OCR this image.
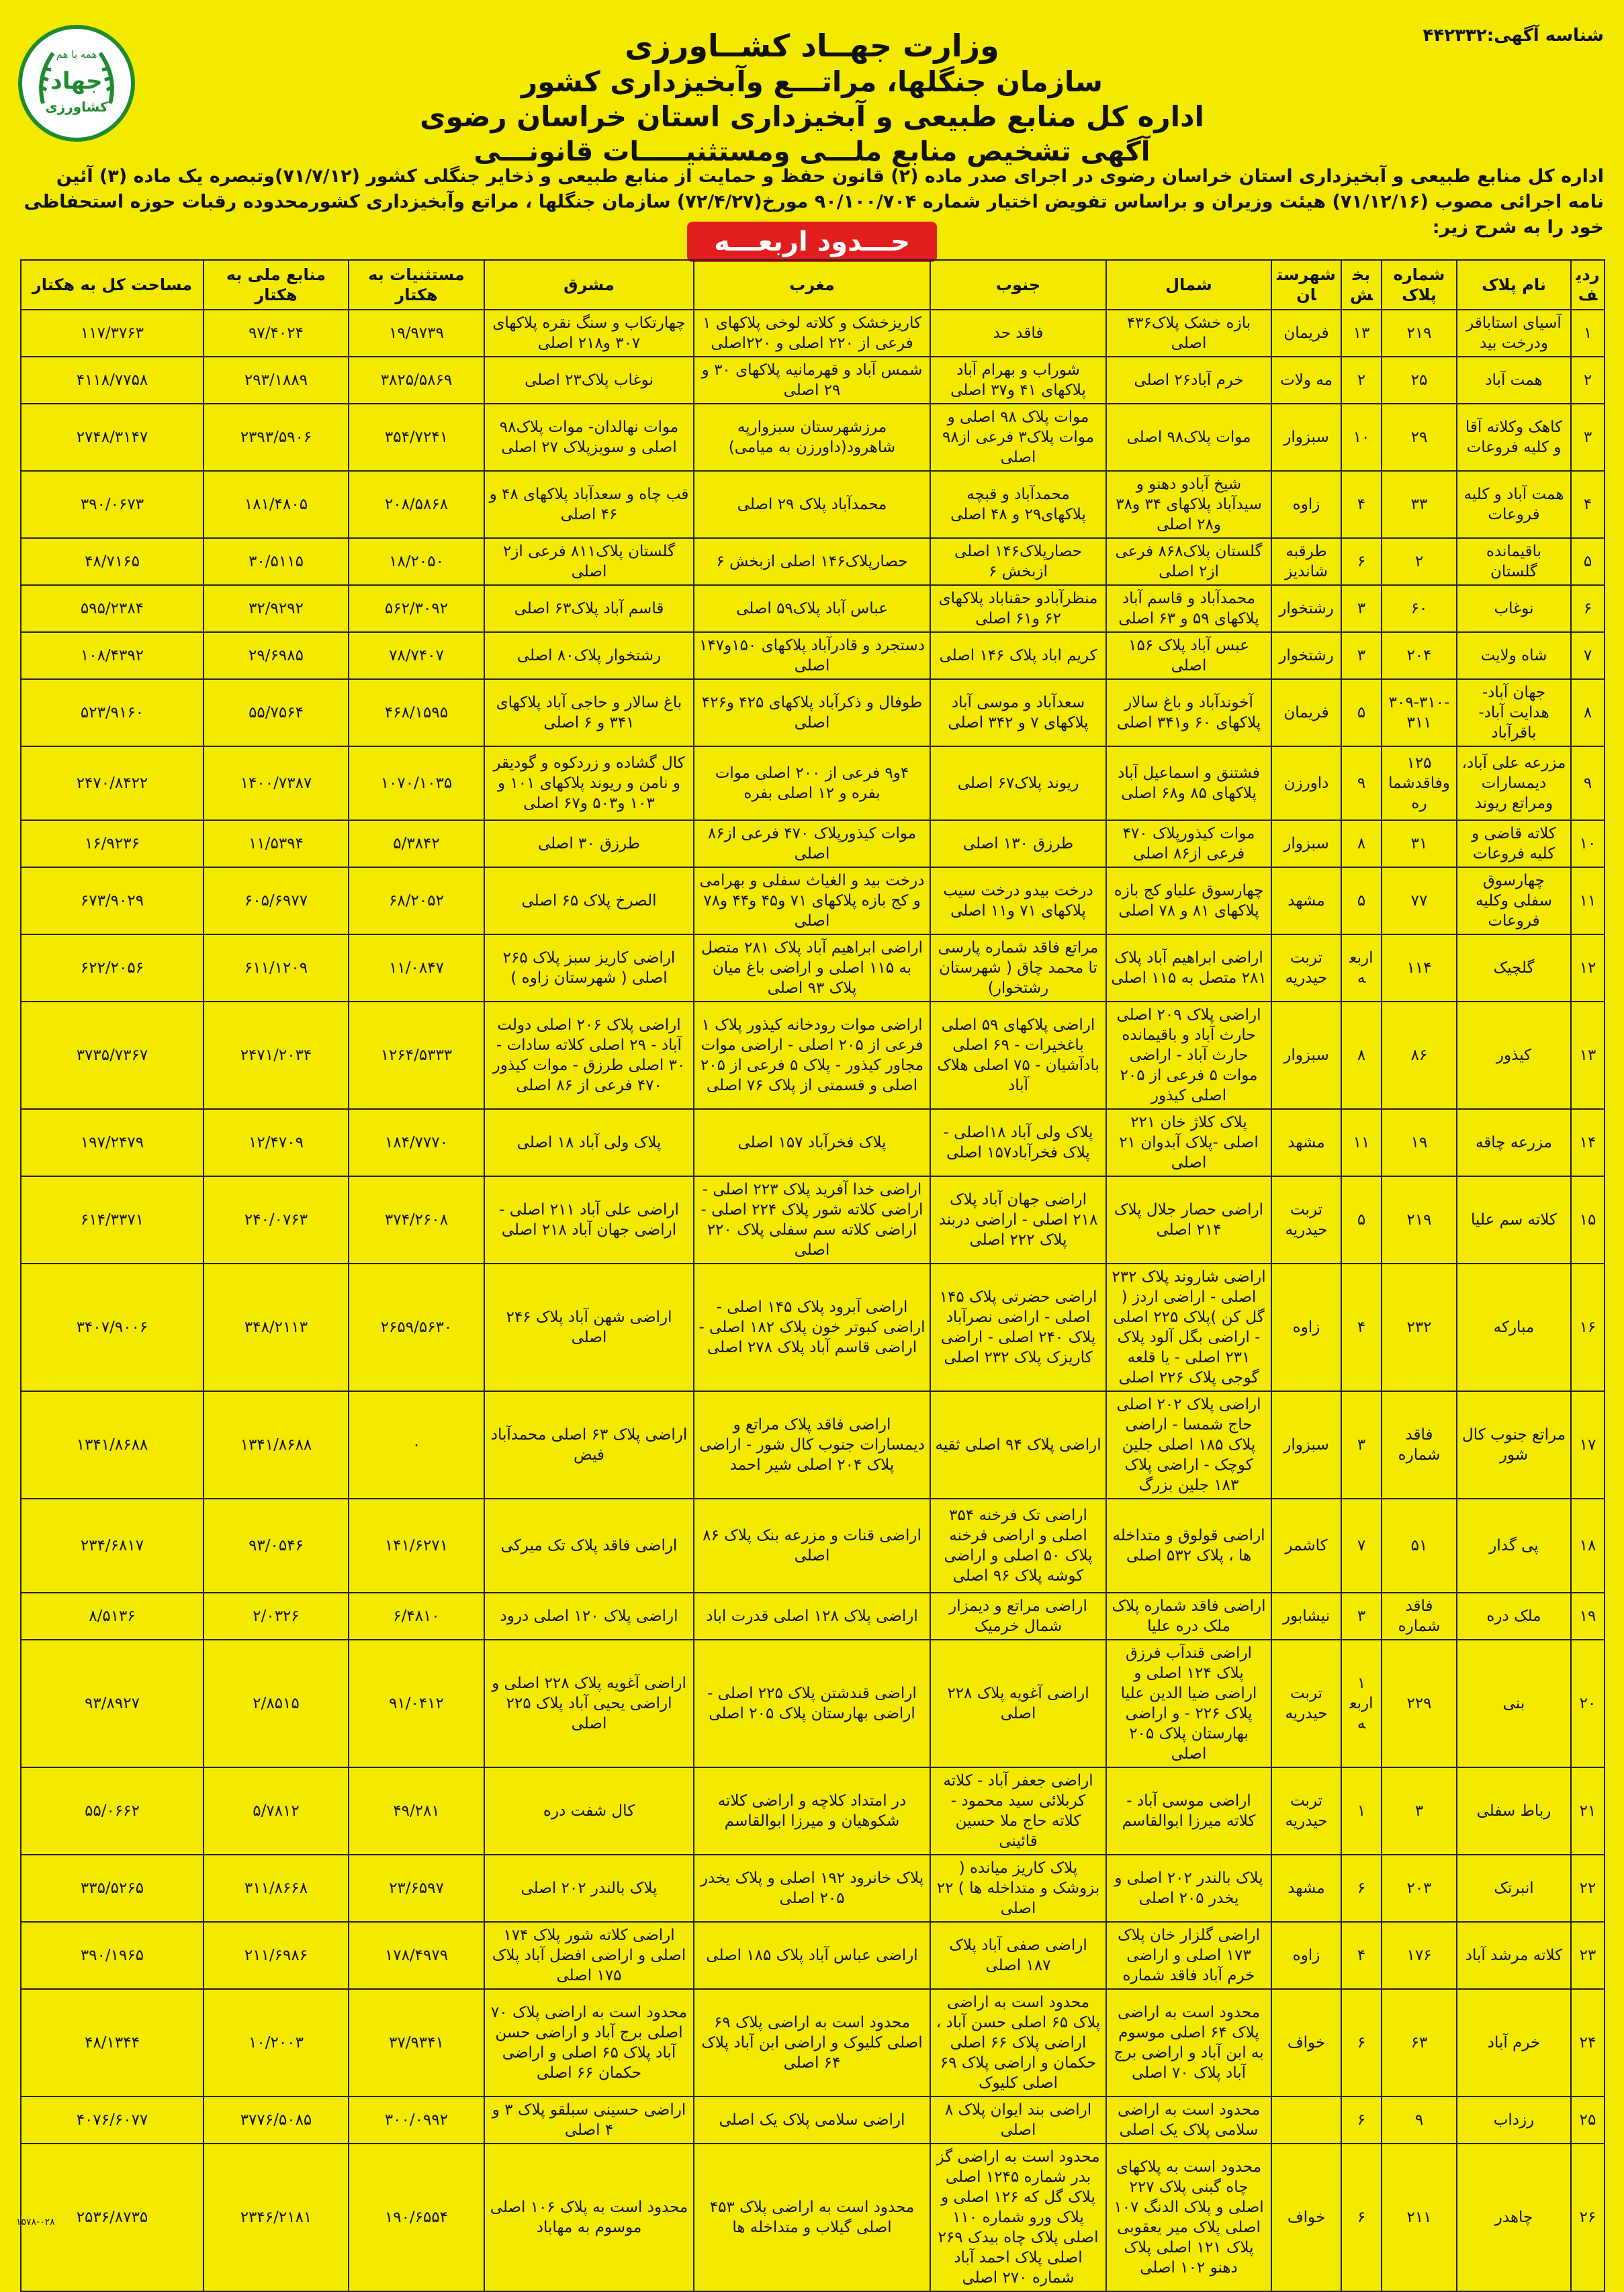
شناسه آگهی:۴۴۲۳۳۲
همه با هم
جهاد
کشاورزی
وزارت جهــاد کشــاورزی
سازمان جنگلها، مراتـــع وآبخیزداری کشور
اداره کل منابع طبیعی و آبخیزداری استان خراسان رضوی
آگهی تشخیص منابع ملـــی ومستثنیـــــات قانونـــی
اداره کل منابع طبیعی و آبخیزداری استان خراسان رضوی در اجرای صدر ماده (۲) قانون حفظ و حمایت از منابع طبیعی و ذخایر جنگلی کشور (۷۱/۷/۱۲)وتبصره یک ماده (۳) آئین نامه اجرائی مصوب (۷۱/۱۲/۱۶) هیئت وزیران و براساس تفویض اختیار شماره ۹۰/۱۰۰/۷۰۴ مورخ(۷۲/۴/۲۷) سازمان جنگلها ، مراتع وآبخیزداری کشورمحدوده رقبات حوزه استحفاظی خود را به شرح زیر:
حـــدود اربعـــه
ردیف	نام پلاک	شماره پلاک	بخش	شهرستان	شمال	جنوب	مغرب	مشرق	مستثنیات به هکتار	منابع ملی به هکتار	مساحت کل به هکتار
۱	آسیای استاباقر ودرخت بید	۲۱۹	۱۳	فریمان	بازه خشک پلاک۴۳۶ اصلی	فاقد حد	کاریزخشک و کلاته لوخی پلاکهای ۱ فرعی از ۲۲۰ اصلی و ۲۲۰اصلی	چهارتکاب و سنگ نقره پلاکهای ۳۰۷ و۲۱۸ اصلی	۱۹/۹۷۳۹	۹۷/۴۰۲۴	۱۱۷/۳۷۶۳
۲	همت آباد	۲۵	۲	مه ولات	خرم آباد۲۶ اصلی	شوراب و بهرام آباد پلاکهای ۴۱ و۳۷ اصلی	شمس آباد و قهرمانیه پلاکهای ۳۰ و ۲۹ اصلی	نوغاب پلاک۲۳ اصلی	۳۸۲۵/۵۸۶۹	۲۹۳/۱۸۸۹	۴۱۱۸/۷۷۵۸
۳	کاهک وکلاته آقا و کلیه فروعات	۲۹	۱۰	سبزوار	موات پلاک۹۸ اصلی	موات پلاک ۹۸ اصلی و موات پلاک۳ فرعی از۹۸ اصلی	مرزشهرستان سبزوارپه شاهرود(داورزن به میامی)	موات نهالدان- موات پلاک۹۸ اصلی و سویزپلاک ۲۷ اصلی	۳۵۴/۷۲۴۱	۲۳۹۳/۵۹۰۶	۲۷۴۸/۳۱۴۷
۴	همت آباد و کلیه فروعات	۳۳	۴	زاوه	شیخ آبادو دهنو و سیدآباد پلاکهای ۳۴ و۳۸ و۲۸ اصلی	محمدآباد و قبچه پلاکهای۲۹ و ۴۸ اصلی	محمدآباد پلاک ۲۹ اصلی	قب چاه و سعدآباد پلاکهای ۴۸ و ۴۶ اصلی	۲۰۸/۵۸۶۸	۱۸۱/۴۸۰۵	۳۹۰/۰۶۷۳
۵	باقیمانده گلستان	۲	۶	طرقبه شاندیز	گلستان پلاک۸۶۸ فرعی از۲ اصلی	حصارپلاک۱۴۶ اصلی ازبخش ۶	حصارپلاک۱۴۶ اصلی ازبخش ۶	گلستان پلاک۸۱۱ فرعی از۲ اصلی	۱۸/۲۰۵۰	۳۰/۵۱۱۵	۴۸/۷۱۶۵
۶	نوغاب	۶۰	۳	رشتخوار	محمدآباد و قاسم آباد پلاکهای ۵۹ و ۶۳ اصلی	منظرآبادو حقناباد پلاکهای ۶۲ و۶۱ اصلی	عباس آباد پلاک۵۹ اصلی	قاسم آباد پلاک۶۳ اصلی	۵۶۲/۳۰۹۲	۳۲/۹۲۹۲	۵۹۵/۲۳۸۴
۷	شاه ولایت	۲۰۴	۳	رشتخوار	عبس آباد پلاک ۱۵۶ اصلی	کریم اباد پلاک ۱۴۶ اصلی	دستجرد و قادرآباد پلاکهای ۱۵۰و۱۴۷ اصلی	رشتخوار پلاک۸۰ اصلی	۷۸/۷۴۰۷	۲۹/۶۹۸۵	۱۰۸/۴۳۹۲
۸	جهان آباد- هدایت آباد- باقرآباد	۳۰۹-۳۱۰-۳۱۱	۵	فریمان	آخوندآباد و باغ سالار پلاکهای ۶۰ و۳۴۱ اصلی	سعدآباد و موسی آباد پلاکهای ۷ و ۳۴۲ اصلی	طوفال و ذکرآباد پلاکهای ۴۲۵ و۴۲۶ اصلی	باغ سالار و حاجی آباد پلاکهای ۳۴۱ و ۶ اصلی	۴۶۸/۱۵۹۵	۵۵/۷۵۶۴	۵۲۳/۹۱۶۰
۹	مزرعه علی آباد، دیمسارات ومراتع ریوند	۱۲۵ وفاقدشماره	۹	داورزن	فشتنق و اسماعیل آباد پلاکهای ۸۵ و۶۸ اصلی	ریوند پلاک۶۷ اصلی	۴و۹ فرعی از ۲۰۰ اصلی موات بفره و ۱۲ اصلی بفره	کال گشاده و زردکوه و گودیقر و نامن و ریوند پلاکهای ۱۰۱ و ۱۰۳ و۵۰۳ و۶۷ اصلی	۱۰۷۰/۱۰۳۵	۱۴۰۰/۷۳۸۷	۲۴۷۰/۸۴۲۲
۱۰	کلاته قاضی و کلیه فروعات	۳۱	۸	سبزوار	موات کیذورپلاک ۴۷۰ فرعی از۸۶ اصلی	طرزق ۱۳۰ اصلی	موات کیذورپلاک ۴۷۰ فرعی از۸۶ اصلی	طرزق ۳۰ اصلی	۵/۳۸۴۲	۱۱/۵۳۹۴	۱۶/۹۲۳۶
۱۱	چهارسوق سفلی وکلیه فروعات	۷۷	۵	مشهد	چهارسوق علیاو کج بازه پلاکهای ۸۱ و ۷۸ اصلی	درخت بیدو درخت سیب پلاکهای ۷۱ و۱۱ اصلی	درخت بید و الغیاث سفلی و بهرامی و کج بازه پلاکهای ۷۱ و۴۵ و۴۴ و۷۸ اصلی	الصرخ پلاک ۶۵ اصلی	۶۸/۲۰۵۲	۶۰۵/۶۹۷۷	۶۷۳/۹۰۲۹
۱۲	گلچیک	۱۱۴	اربعه	تربت حیدریه	اراضی ابراهیم آباد پلاک ۲۸۱ متصل به ۱۱۵ اصلی	مراتع فاقد شماره پارسی تا محمد چاق ( شهرستان رشتخوار)	اراضی ابراهیم آباد پلاک ۲۸۱ متصل به ۱۱۵ اصلی و اراضی باغ میان پلاک ۹۳ اصلی	اراضی کاریز سبز پلاک ۲۶۵ اصلی ( شهرستان زاوه )	۱۱/۰۸۴۷	۶۱۱/۱۲۰۹	۶۲۲/۲۰۵۶
۱۳	کیذور	۸۶	۸	سبزوار	اراضی پلاک ۲۰۹ اصلی حارث آباد و باقیمانده حارث آباد - اراضی موات ۵ فرعی از ۲۰۵ اصلی کیذور	اراضی پلاکهای ۵۹ اصلی باغخیرات - ۶۹ اصلی بادآشیان - ۷۵ اصلی هلاک آباد	اراضی موات رودخانه کیذور پلاک ۱ فرعی از ۲۰۵ اصلی - اراضی موات مجاور کیذور - پلاک ۵ فرعی از ۲۰۵ اصلی و قسمتی از پلاک ۷۶ اصلی	اراضی پلاک ۲۰۶ اصلی دولت آباد - ۲۹ اصلی کلاته سادات - ۳۰ اصلی طرزق - موات کیذور ۴۷۰ فرعی از ۸۶ اصلی	۱۲۶۴/۵۳۳۳	۲۴۷۱/۲۰۳۴	۳۷۳۵/۷۳۶۷
۱۴	مزرعه چاقه	۱۹	۱۱	مشهد	پلاک کلاژ خان ۲۲۱ اصلی -پلاک آبدوان ۲۱ اصلی	پلاک ولی آباد ۱۸اصلی - پلاک فخرآباد۱۵۷ اصلی	پلاک فخرآباد ۱۵۷ اصلی	پلاک ولی آباد ۱۸ اصلی	۱۸۴/۷۷۷۰	۱۲/۴۷۰۹	۱۹۷/۲۴۷۹
۱۵	کلاته سم علیا	۲۱۹	۵	تربت حیدریه	اراضی حصار جلال پلاک ۲۱۴ اصلی	اراضی جهان آباد پلاک ۲۱۸ اصلی - اراضی دربند پلاک ۲۲۲ اصلی	اراضی خدا آفرید پلاک ۲۲۳ اصلی - اراضی کلاته شور پلاک ۲۲۴ اصلی - اراضی کلاته سم سفلی پلاک ۲۲۰ اصلی	اراضی علی آباد ۲۱۱ اصلی - اراضی جهان آباد ۲۱۸ اصلی	۳۷۴/۲۶۰۸	۲۴۰/۰۷۶۳	۶۱۴/۳۳۷۱
۱۶	مبارکه	۲۳۲	۴	زاوه	اراضی شاروند پلاک ۲۳۲ اصلی - اراضی اردز ( گل کن )پلاک ۲۲۵ اصلی - اراضی بگل آلود پلاک ۲۳۱ اصلی - یا قلعه گوجی پلاک ۲۲۶ اصلی	اراضی حضرتی پلاک ۱۴۵ اصلی - اراضی نصرآباد پلاک ۲۴۰ اصلی - اراضی کاریزک پلاک ۲۳۲ اصلی	اراضی آبرود پلاک ۱۴۵ اصلی - اراضی کبوتر خون پلاک ۱۸۲ اصلی - اراضی قاسم آباد پلاک ۲۷۸ اصلی	اراضی شهن آباد پلاک ۲۴۶ اصلی	۲۶۵۹/۵۶۳۰	۳۴۸/۲۱۱۳	۳۴۰۷/۹۰۰۶
۱۷	مراتع جنوب کال شور	فاقد شماره	۳	سبزوار	اراضی پلاک ۲۰۲ اصلی حاج شمسا - اراضی پلاک ۱۸۵ اصلی جلین کوچک - اراضی پلاک ۱۸۳ جلین بزرگ	اراضی پلاک ۹۴ اصلی ثقیه	اراضی فاقد پلاک مراتع و دیمسارات جنوب کال شور - اراضی پلاک ۲۰۴ اصلی شیر احمد	اراضی پلاک ۶۳ اصلی محمدآباد فیض	۰	۱۳۴۱/۸۶۸۸	۱۳۴۱/۸۶۸۸
۱۸	پی گدار	۵۱	۷	کاشمر	اراضی قولوق و متداخله ها ، پلاک ۵۳۲ اصلی	اراضی تک فرخنه ۳۵۴ اصلی و اراضی فرخنه پلاک ۵۰ اصلی و اراضی کوشه پلاک ۹۶ اصلی	اراضی قنات و مزرعه بنک پلاک ۸۶ اصلی	اراضی فاقد پلاک تک میرکی	۱۴۱/۶۲۷۱	۹۳/۰۵۴۶	۲۳۴/۶۸۱۷
۱۹	ملک دره	فاقد شماره	۳	نیشابور	اراضی فاقد شماره پلاک ملک دره علیا	اراضی مراتع و دیمزار شمال خرمیک	اراضی پلاک ۱۲۸ اصلی قدرت اباد	اراضی پلاک ۱۲۰ اصلی درود	۶/۴۸۱۰	۲/۰۳۲۶	۸/۵۱۳۶
۲۰	بنی	۲۲۹	۱ اربعه	تربت حیدریه	اراضی قندآب فرزق پلاک ۱۲۴ اصلی و اراضی ضیا الدین علیا پلاک ۲۲۶ - و اراضی بهارستان پلاک ۲۰۵ اصلی	اراضی آغویه پلاک ۲۲۸ اصلی	اراضی قندشتن پلاک ۲۲۵ اصلی - اراضی بهارستان پلاک ۲۰۵ اصلی	اراضی آغویه پلاک ۲۲۸ اصلی و اراضی یحیی آباد پلاک ۲۲۵ اصلی	۹۱/۰۴۱۲	۲/۸۵۱۵	۹۳/۸۹۲۷
۲۱	رباط سفلی	۳	۱	تربت حیدریه	اراضی موسی آباد - کلاته میرزا ابوالقاسم	اراضی جعفر آباد - کلاته کربلائی سید محمود - کلاته حاج ملا حسین قائینی	در امتداد کلاچه و اراضی کلاته شکوهیان و میرزا ابوالقاسم	کال شفت دره	۴۹/۲۸۱	۵/۷۸۱۲	۵۵/۰۶۶۲
۲۲	انبرتک	۲۰۳	۶	مشهد	پلاک بالندر ۲۰۲ اصلی و یخدر ۲۰۵ اصلی	پلاک کاریز میانده ( بزوشک و متداخله ها ) ۲۲ اصلی	پلاک خانرود ۱۹۲ اصلی و پلاک یخدر ۲۰۵ اصلی	پلاک بالندر ۲۰۲ اصلی	۲۳/۶۵۹۷	۳۱۱/۸۶۶۸	۳۳۵/۵۲۶۵
۲۳	کلاته مرشد آباد	۱۷۶	۴	زاوه	اراضی گلزار خان پلاک ۱۷۳ اصلی و اراضی خرم آباد فاقد شماره	اراضی صفی آباد پلاک ۱۸۷ اصلی	اراضی عباس آباد پلاک ۱۸۵ اصلی	اراضی کلاته شور پلاک ۱۷۴ اصلی و اراضی افضل آباد پلاک ۱۷۵ اصلی	۱۷۸/۴۹۷۹	۲۱۱/۶۹۸۶	۳۹۰/۱۹۶۵
۲۴	خرم آباد	۶۳	۶	خواف	محدود است به اراضی پلاک ۶۴ اصلی موسوم به ابن آباد و اراضی برج آباد پلاک ۷۰ اصلی	محدود است به اراضی پلاک ۶۵ اصلی حسن آباد ، اراضی پلاک ۶۶ اصلی حکمان و اراضی پلاک ۶۹ اصلی کلیوک	محدود است به اراضی پلاک ۶۹ اصلی کلیوک و اراضی ابن آباد پلاک ۶۴ اصلی	محدود است به اراضی پلاک ۷۰ اصلی برج آباد و اراضی حسن آباد پلاک ۶۵ اصلی و اراضی حکمان ۶۶ اصلی	۳۷/۹۳۴۱	۱۰/۲۰۰۳	۴۸/۱۳۴۴
۲۵	رزداب	۹	۶		محدود است به اراضی سلامی پلاک یک اصلی	اراضی بند ایوان پلاک ۸ اصلی	اراضی سلامی پلاک یک اصلی	اراضی حسینی سبلقو پلاک ۳ و ۴ اصلی	۳۰۰/۰۹۹۲	۳۷۷۶/۵۰۸۵	۴۰۷۶/۶۰۷۷
۲۶	چاهدر	۲۱۱	۶	خواف	محدود است به پلاکهای چاه گبنی پلاک ۲۲۷ اصلی و پلاک الدنگ ۱۰۷ اصلی پلاک میر یعقوبی پلاک ۱۲۱ اصلی پلاک دهنو ۱۰۲ اصلی	محدود است به اراضی گز بدر شماره ۱۲۴۵ اصلی پلاک گل که ۱۲۶ اصلی و پلاک ورو شماره ۱۱۰ اصلی پلاک چاه بیدک ۲۶۹ اصلی پلاک احمد آباد شماره ۲۷۰ اصلی	محدود است به اراضی پلاک ۴۵۳ اصلی گیلاب و متداخله ها	محدود است به پلاک ۱۰۶ اصلی موسوم به مهاباد	۱۹۰/۶۵۵۴	۲۳۴۶/۲۱۸۱	۲۵۳۶/۸۷۳۵
۱۵۷۸-۰۲۸
